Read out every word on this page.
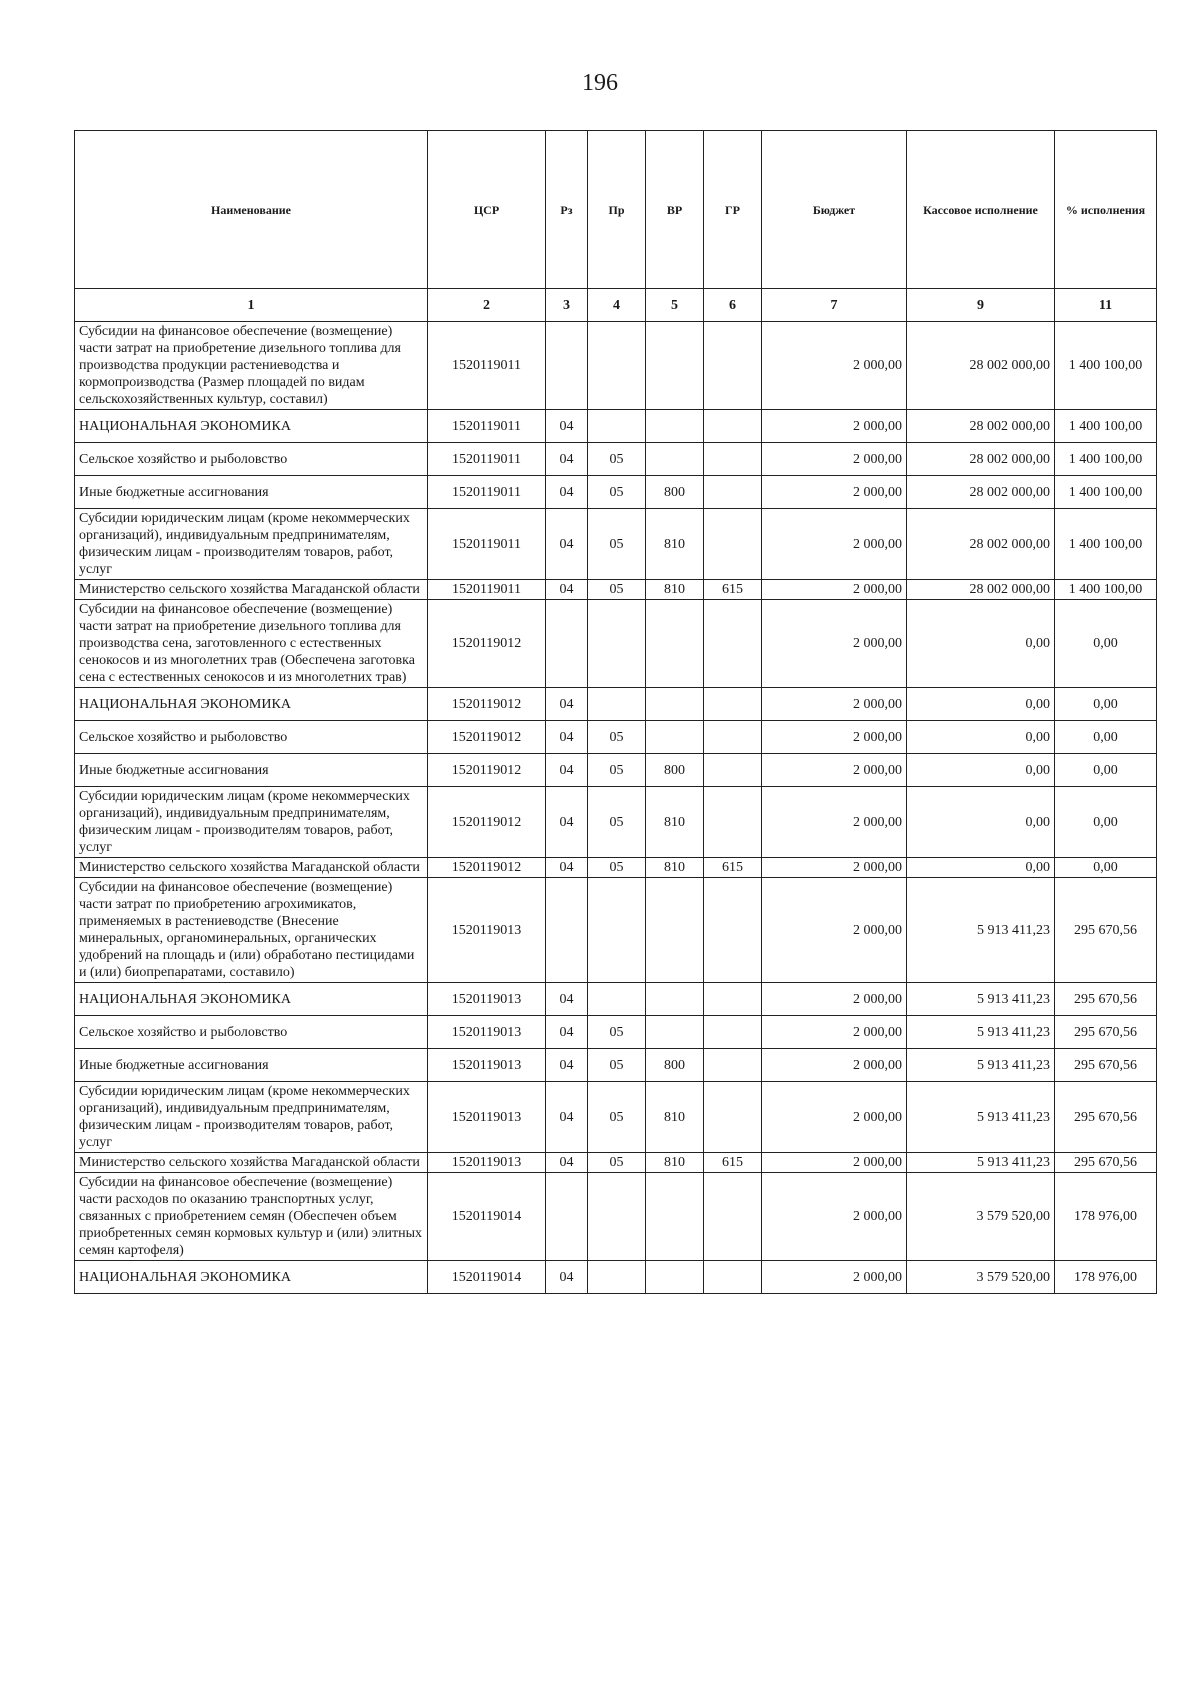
196
Наименование	ЦСР	Рз	Пр	ВР	ГР	Бюджет	Кассовое исполнение	% исполнения
1	2	3	4	5	6	7	9	11
Субсидии на финансовое обеспечение (возмещение) части затрат на приобретение дизельного топлива для производства продукции растениеводства и кормопроизводства (Размер площадей по видам сельскохозяйственных культур, составил)	1520119011					2 000,00	28 002 000,00	1 400 100,00
НАЦИОНАЛЬНАЯ ЭКОНОМИКА	1520119011	04				2 000,00	28 002 000,00	1 400 100,00
Сельское хозяйство и рыболовство	1520119011	04	05			2 000,00	28 002 000,00	1 400 100,00
Иные бюджетные ассигнования	1520119011	04	05	800		2 000,00	28 002 000,00	1 400 100,00
Субсидии юридическим лицам (кроме некоммерческих организаций), индивидуальным предпринимателям, физическим лицам - производителям товаров, работ, услуг	1520119011	04	05	810		2 000,00	28 002 000,00	1 400 100,00
Министерство сельского хозяйства Магаданской области	1520119011	04	05	810	615	2 000,00	28 002 000,00	1 400 100,00
Субсидии на финансовое обеспечение (возмещение) части затрат на приобретение дизельного топлива для производства сена, заготовленного с естественных сенокосов и из многолетних трав (Обеспечена заготовка сена с естественных сенокосов и из многолетних трав)	1520119012					2 000,00	0,00	0,00
НАЦИОНАЛЬНАЯ ЭКОНОМИКА	1520119012	04				2 000,00	0,00	0,00
Сельское хозяйство и рыболовство	1520119012	04	05			2 000,00	0,00	0,00
Иные бюджетные ассигнования	1520119012	04	05	800		2 000,00	0,00	0,00
Субсидии юридическим лицам (кроме некоммерческих организаций), индивидуальным предпринимателям, физическим лицам - производителям товаров, работ, услуг	1520119012	04	05	810		2 000,00	0,00	0,00
Министерство сельского хозяйства Магаданской области	1520119012	04	05	810	615	2 000,00	0,00	0,00
Субсидии на финансовое обеспечение (возмещение) части затрат по приобретению агрохимикатов, применяемых в растениеводстве (Внесение минеральных, органоминеральных, органических удобрений на площадь и (или) обработано пестицидами и (или) биопрепаратами, составило)	1520119013					2 000,00	5 913 411,23	295 670,56
НАЦИОНАЛЬНАЯ ЭКОНОМИКА	1520119013	04				2 000,00	5 913 411,23	295 670,56
Сельское хозяйство и рыболовство	1520119013	04	05			2 000,00	5 913 411,23	295 670,56
Иные бюджетные ассигнования	1520119013	04	05	800		2 000,00	5 913 411,23	295 670,56
Субсидии юридическим лицам (кроме некоммерческих организаций), индивидуальным предпринимателям, физическим лицам - производителям товаров, работ, услуг	1520119013	04	05	810		2 000,00	5 913 411,23	295 670,56
Министерство сельского хозяйства Магаданской области	1520119013	04	05	810	615	2 000,00	5 913 411,23	295 670,56
Субсидии на финансовое обеспечение (возмещение) части расходов по оказанию транспортных услуг, связанных с приобретением семян (Обеспечен объем приобретенных семян кормовых культур и (или) элитных семян картофеля)	1520119014					2 000,00	3 579 520,00	178 976,00
НАЦИОНАЛЬНАЯ ЭКОНОМИКА	1520119014	04				2 000,00	3 579 520,00	178 976,00
